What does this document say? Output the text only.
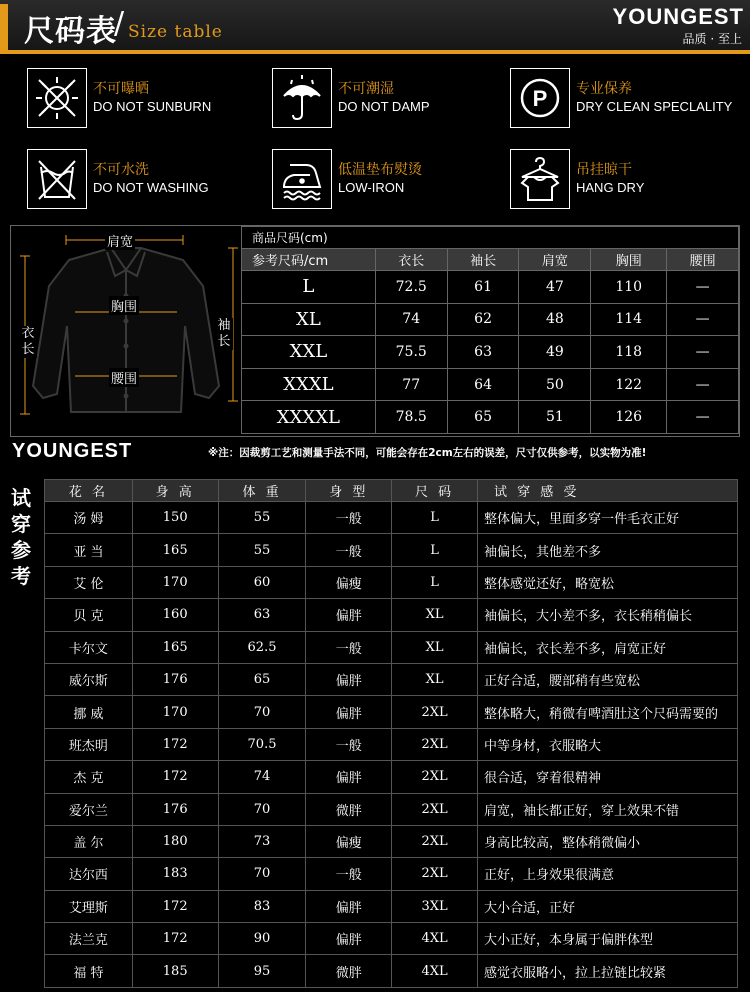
尺码表
/ Size table
YOUNGEST
品质 · 至上
不可曝晒
DO NOT SUNBURN
不可潮湿
DO NOT DAMP	P 专业保养
DRY CLEAN SPECLALITY
不可水洗
DO NOT WASHING
低温垫布熨烫
LOW-IRON
吊挂晾干
HANG DRY
肩宽
胸围
腰围
衣长
袖长
商品尺码(cm)					
参考尺码/cm	衣长	袖长	肩宽	胸围	腰围
L	72.5	61	47	110	—
XL	74	62	48	114	—
XXL	75.5	63	49	118	—
XXXL	77	64	50	122	—
XXXXL	78.5	65	51	126	—
YOUNGEST	※注：因裁剪工艺和测量手法不同，可能会存在2cm左右的误差，尺寸仅供参考，以实物为准!
试
穿
参
考
花 名	身 高	体 重	身 型	尺 码	试 穿 感 受
汤 姆	150	55	一般	L	整体偏大，里面多穿一件毛衣正好
亚 当	165	55	一般	L	袖偏长，其他差不多
艾 伦	170	60	偏瘦	L	整体感觉还好，略宽松
贝 克	160	63	偏胖	XL	袖偏长，大小差不多，衣长稍稍偏长
卡尔文	165	62.5	一般	XL	袖偏长，衣长差不多，肩宽正好
威尔斯	176	65	偏胖	XL	正好合适，腰部稍有些宽松
挪 威	170	70	偏胖	2XL	整体略大，稍微有啤酒肚这个尺码需要的
班杰明	172	70.5	一般	2XL	中等身材，衣服略大
杰 克	172	74	偏胖	2XL	很合适，穿着很精神
爱尔兰	176	70	微胖	2XL	肩宽，袖长都正好，穿上效果不错
盖 尔	180	73	偏瘦	2XL	身高比较高，整体稍微偏小
达尔西	183	70	一般	2XL	正好，上身效果很满意
艾理斯	172	83	偏胖	3XL	大小合适，正好
法兰克	172	90	偏胖	4XL	大小正好，本身属于偏胖体型
福 特	185	95	微胖	4XL	感觉衣服略小，拉上拉链比较紧
